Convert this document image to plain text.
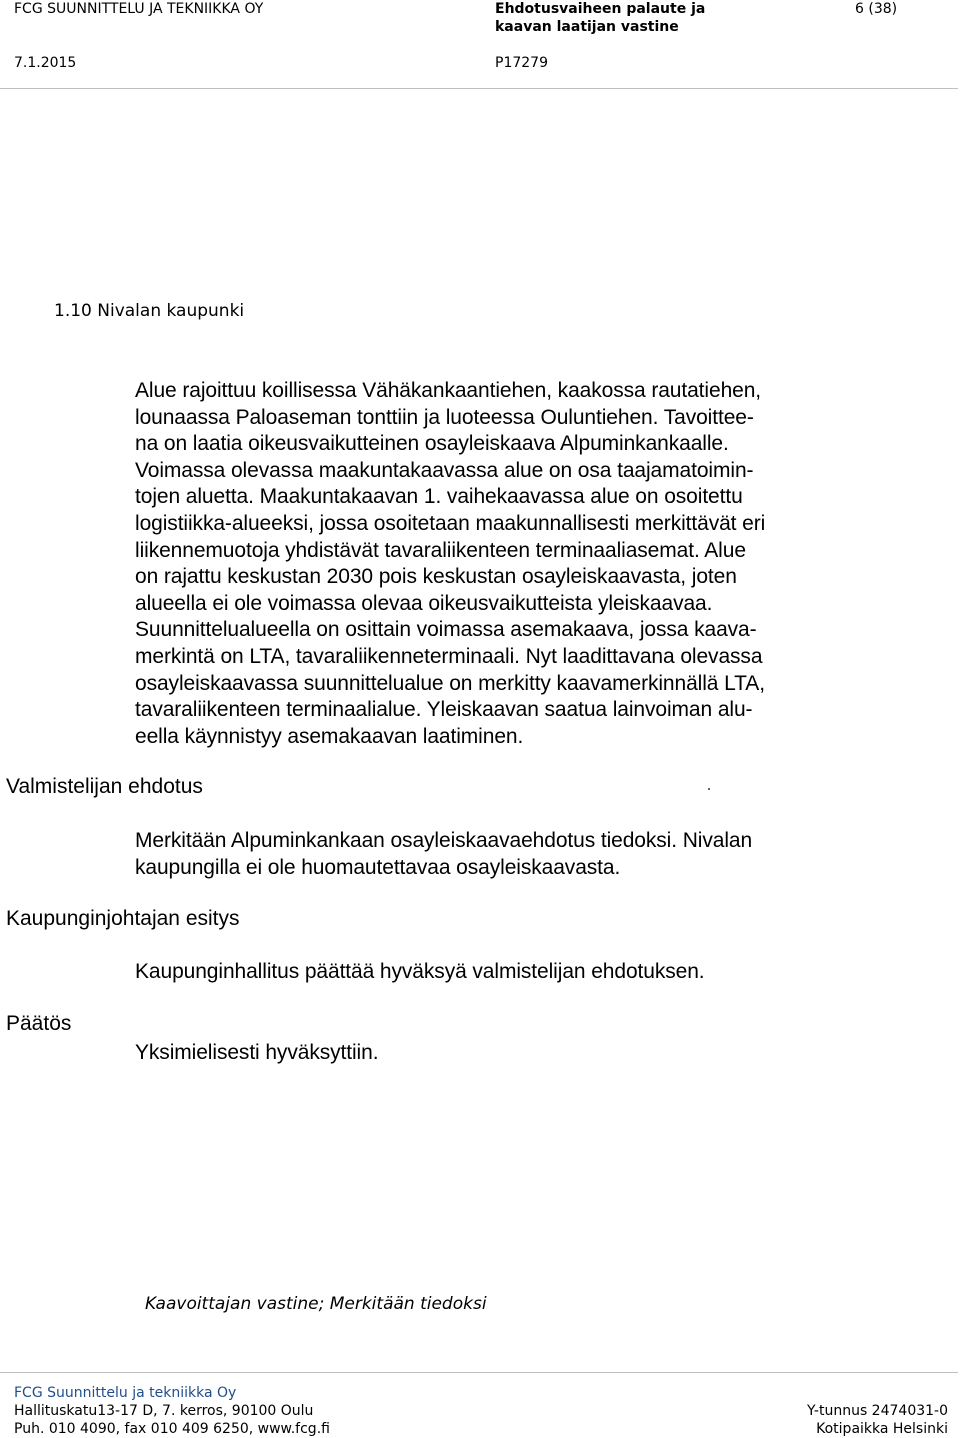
FCG SUUNNITTELU JA TEKNIIKKA OY	Ehdotusvaiheen palaute ja
kaavan laatijan vastine
6 (38)
7.1.2015	P17279
1.10 Nivalan kaupunki
Alue rajoittuu koillisessa Vähäkankaantiehen, kaakossa rautatiehen,
lounaassa Paloaseman tonttiin ja luoteessa Ouluntiehen. Tavoittee-
na on laatia oikeusvaikutteinen osayleiskaava Alpuminkankaalle.
Voimassa olevassa maakuntakaavassa alue on osa taajamatoimin-
tojen aluetta. Maakuntakaavan 1. vaihekaavassa alue on osoitettu
logistiikka-alueeksi, jossa osoitetaan maakunnallisesti merkittävät eri
liikennemuotoja yhdistävät tavaraliikenteen terminaaliasemat. Alue
on rajattu keskustan 2030 pois keskustan osayleiskaavasta, joten
alueella ei ole voimassa olevaa oikeusvaikutteista yleiskaavaa.
Suunnittelualueella on osittain voimassa asemakaava, jossa kaava-
merkintä on LTA, tavaraliikenneterminaali. Nyt laadittavana olevassa
osayleiskaavassa suunnittelualue on merkitty kaavamerkinnällä LTA,
tavaraliikenteen terminaalialue. Yleiskaavan saatua lainvoiman alu-
eella käynnistyy asemakaavan laatiminen.
Valmistelijan ehdotus
Merkitään Alpuminkankaan osayleiskaavaehdotus tiedoksi. Nivalan
kaupungilla ei ole huomautettavaa osayleiskaavasta.
Kaupunginjohtajan esitys
Kaupunginhallitus päättää hyväksyä valmistelijan ehdotuksen.
Päätös
Yksimielisesti hyväksyttiin.
Kaavoittajan vastine; Merkitään tiedoksi
FCG Suunnittelu ja tekniikka Oy
Hallituskatu13-17 D, 7. kerros, 90100 Oulu
Puh. 010 4090, fax 010 409 6250, www.fcg.fi
Y-tunnus 2474031-0
Kotipaikka Helsinki
